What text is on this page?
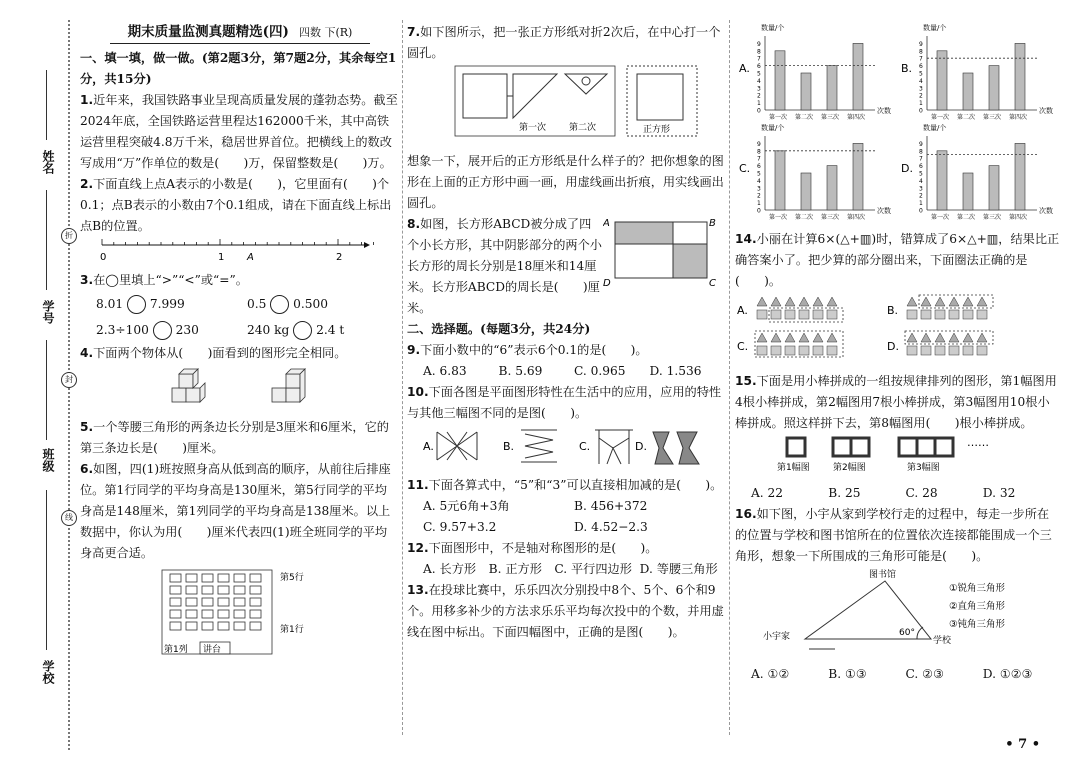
姓名
学号
班级
学校
折
封
线
期末质量监测真题精选(四) 四数 下(R)
一、填一填，做一做。(第2题3分，第7题2分，其余每空1分，共15分)
1.近年来，我国铁路事业呈现高质量发展的蓬勃态势。截至2024年底，全国铁路运营里程达162000千米，其中高铁运营里程突破4.8万千米，稳居世界首位。把横线上的数改写成用“万”作单位的数是(　　)万，保留整数是(　　)万。
2.下面直线上点A表示的小数是(　　)，它里面有(　　)个0.1；点B表示的小数由7个0.1组成，请在下面直线上标出点B的位置。
0	1 A	2
3.在◯里填上“>”“<”或“=”。
8.01 7.999	0.5 0.500
2.3÷100 230	240 kg 2.4 t
4.下面两个物体从(　　)面看到的图形完全相同。
5.一个等腰三角形的两条边长分别是3厘米和6厘米，它的第三条边长是(　　)厘米。
6.如图，四(1)班按照身高从低到高的顺序，从前往后排座位。第1行同学的平均身高是130厘米，第5行同学的平均身高是148厘米，第1列同学的平均身高是138厘米。以上数据中，你认为用(　　)厘米代表四(1)班全班同学的平均身高更合适。
第5行
第1行
第1列 讲台
7.如下图所示，把一张正方形纸对折2次后，在中心打一个圆孔。
第一次	第二次	正方形
想象一下，展开后的正方形纸是什么样子的？把你想象的图形在上面的正方形中画一画，用虚线画出折痕，用实线画出圆孔。
8.如图，长方形ABCD被分成了四个小长方形，其中阴影部分的两个小长方形的周长分别是18厘米和14厘米。长方形ABCD的周长是(　　)厘米。
A	B
C
D
二、选择题。(每题3分，共24分)
9.下面小数中的“6”表示6个0.1的是(　　)。
A. 6.83	B. 5.69	C. 0.965	D. 1.536
10.下面各图是平面图形特性在生活中的应用，应用的特性与其他三幅图不同的是图(　　)。
A.	B.	C.	D.
11.下面各算式中，“5”和“3”可以直接相加减的是(　　)。
A. 5元6角+3角	B. 456+372
C. 9.57+3.2	D. 4.52−2.3
12.下面图形中，不是轴对称图形的是(　　)。
A. 长方形	B. 正方形	C. 平行四边形 D. 等腰三角形
13.在投球比赛中，乐乐四次分别投中8个、5个、6个和9个。用移多补少的方法求乐乐平均每次投中的个数，并用虚线在图中标出。下面四幅图中，正确的是图(　　)。
A.
数量/个
0
1
2
3
4
5
6
7
8
9
次数
第一次 第二次 第三次 第四次
B.
数量/个
0
1
2
3
4
5
6
7
8
9
次数
第一次 第二次 第三次 第四次
C.
数量/个
0
1
2
3
4
5
6
7
8
9
次数
第一次 第二次 第三次 第四次
D.
数量/个
0
1
2
3
4
5
6
7
8
9
次数
第一次 第二次 第三次 第四次
14.小丽在计算6×(△+▥)时，错算成了6×△+▥，结果比正确答案小了。把少算的部分圈出来，下面圈法正确的是(　　)。
A.	B.
C.	D.
15.下面是用小棒拼成的一组按规律排列的图形，第1幅图用4根小棒拼成，第2幅图用7根小棒拼成，第3幅图用10根小棒拼成。照这样拼下去，第8幅图用(　　)根小棒拼成。
……
第1幅图	第2幅图	第3幅图
A. 22	B. 25	C. 28	D. 32
16.如下图，小宇从家到学校行走的过程中，每走一步所在的位置与学校和图书馆所在的位置依次连接都能围成一个三角形，想象一下所围成的三角形可能是(　　)。
图书馆
小宇家	学校
60°
①锐角三角形
②直角三角形
③钝角三角形
A. ①②	B. ①③	C. ②③	D. ①②③
• 7 •
